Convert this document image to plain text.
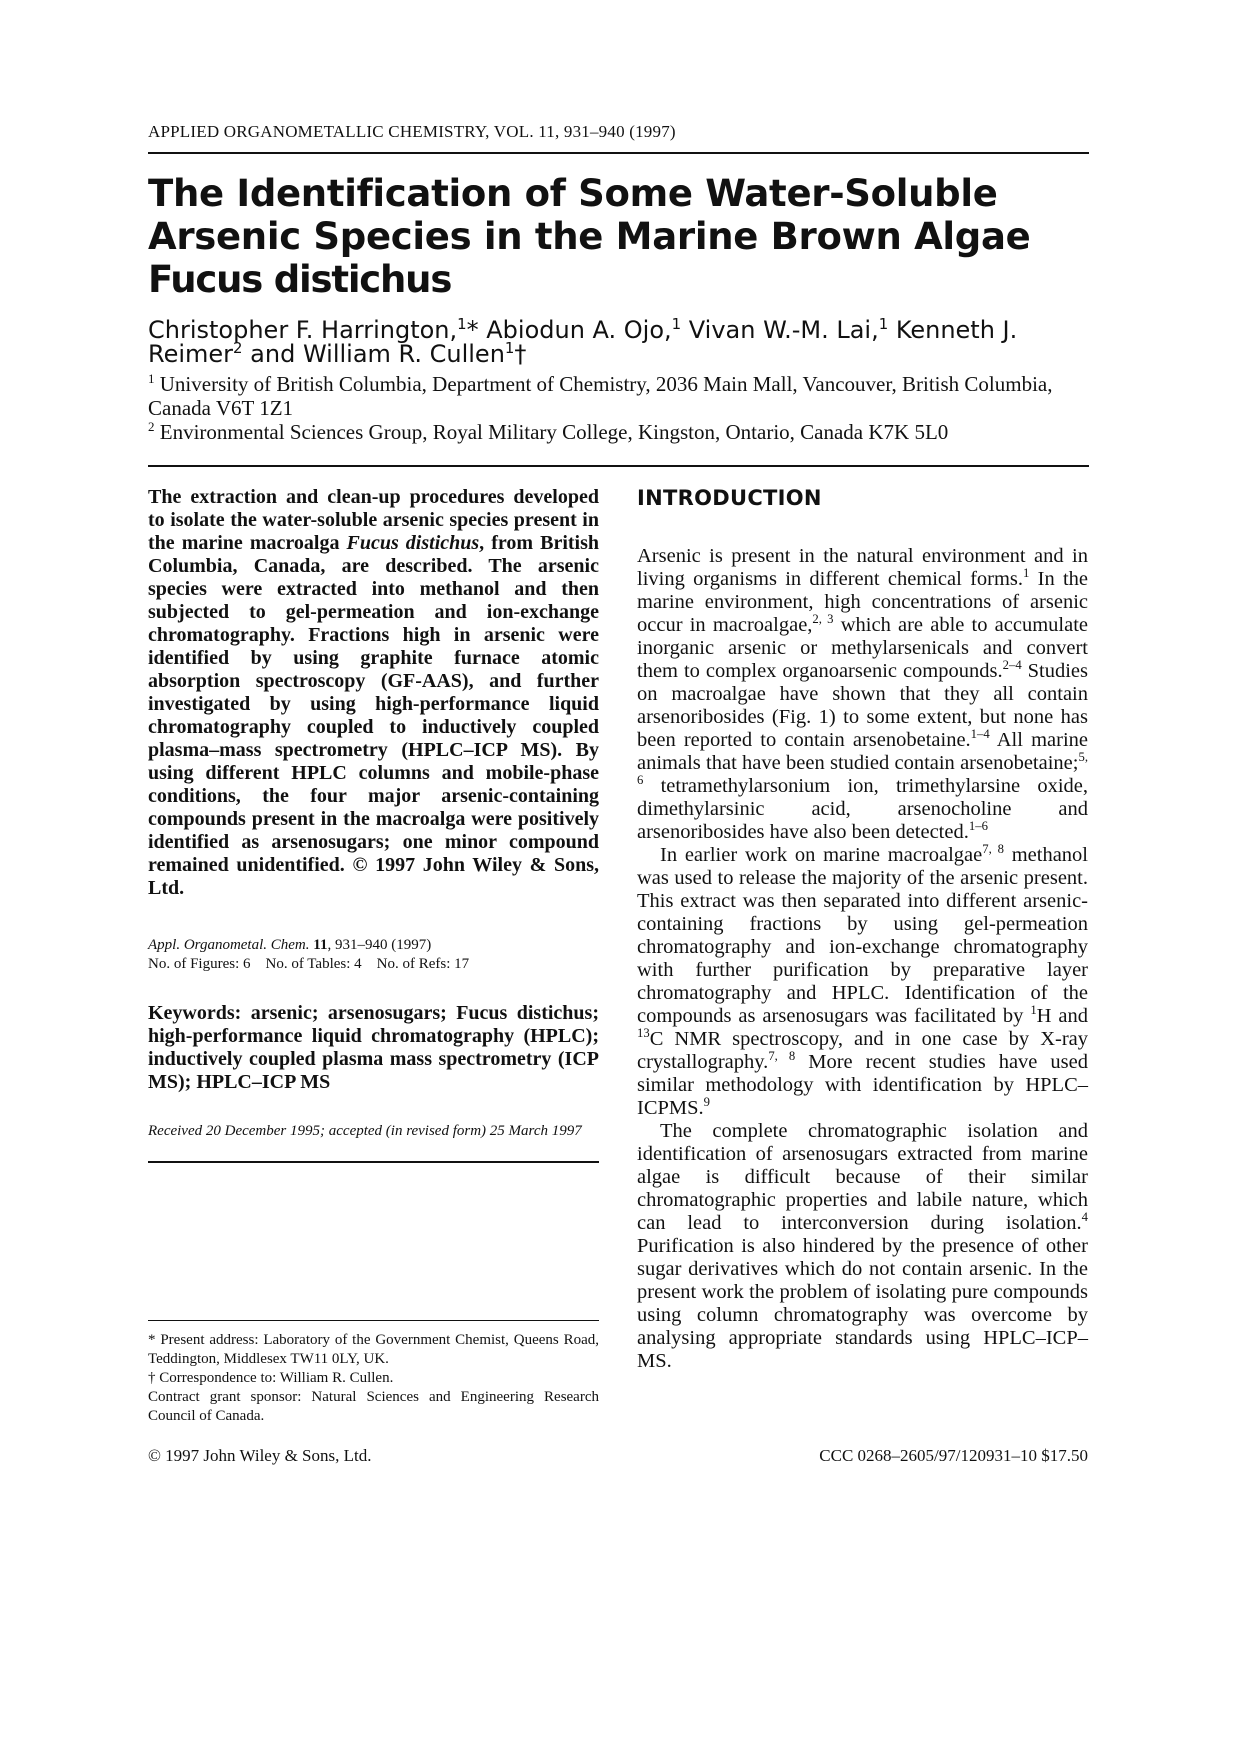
APPLIED ORGANOMETALLIC CHEMISTRY, VOL. 11, 931–940 (1997)
The Identification of Some Water-Soluble
Arsenic Species in the Marine Brown Algae
Fucus distichus
Christopher F. Harrington,$^1$* Abiodun A. Ojo,$^1$ Vivan W.-M. Lai,$^1$ Kenneth J. Reimer$^2$ and William R. Cullen$^1$†
$^1$ University of British Columbia, Department of Chemistry, 2036 Main Mall, Vancouver, British Columbia, Canada V6T 1Z1
$^2$ Environmental Sciences Group, Royal Military College, Kingston, Ontario, Canada K7K 5L0

The extraction and clean-up procedures developed to isolate the water-soluble arsenic species present in the marine macroalga Fucus distichus, from British Columbia, Canada, are described. The arsenic species were extracted into methanol and then subjected to gel-permeation and ion-exchange chromatography. Fractions high in arsenic were identified by using graphite furnace atomic absorption spectroscopy (GF-AAS), and further investigated by using high-performance liquid chromatography coupled to inductively coupled plasma–mass spectrometry (HPLC–ICP MS). By using different HPLC columns and mobile-phase conditions, the four major arsenic-containing compounds present in the macroalga were positively identified as arsenosugars; one minor compound remained unidentified. © 1997 John Wiley & Sons, Ltd.

Appl. Organometal. Chem. 11, 931–940 (1997)
No. of Figures: 6    No. of Tables: 4    No. of Refs: 17

Keywords: arsenic; arsenosugars; Fucus distichus; high-performance liquid chromatography (HPLC); inductively coupled plasma mass spectrometry (ICP MS); HPLC–ICP MS

Received 20 December 1995; accepted (in revised form) 25 March 1997

* Present address: Laboratory of the Government Chemist, Queens Road, Teddington, Middlesex TW11 0LY, UK.

† Correspondence to: William R. Cullen.

Contract grant sponsor: Natural Sciences and Engineering Research Council of Canada.

INTRODUCTION

Arsenic is present in the natural environment and in living organisms in different chemical forms.$^1$ In the marine environment, high concentrations of arsenic occur in macroalgae,$^{2, 3}$ which are able to accumulate inorganic arsenic or methylarsenicals and convert them to complex organoarsenic compounds.$^{2-4}$ Studies on macroalgae have shown that they all contain arsenoribosides (Fig. 1) to some extent, but none has been reported to contain arsenobetaine.$^{1-4}$ All marine animals that have been studied contain arsenobetaine;$^{5, 6}$ tetramethylarsonium ion, trimethylarsine oxide, dimethylarsinic acid, arsenocholine and arsenoribosides have also been detected.$^{1-6}$

In earlier work on marine macroalgae$^{7, 8}$ methanol was used to release the majority of the arsenic present. This extract was then separated into different arsenic-containing fractions by using gel-permeation chromatography and ion-exchange chromatography with further purification by preparative layer chromatography and HPLC. Identification of the compounds as arsenosugars was facilitated by $^1$H and $^{13}$C NMR spectroscopy, and in one case by X-ray crystallography.$^{7, 8}$ More recent studies have used similar methodology with identification by HPLC–ICPMS.$^9$

The complete chromatographic isolation and identification of arsenosugars extracted from marine algae is difficult because of their similar chromatographic properties and labile nature, which can lead to interconversion during isolation.$^4$ Purification is also hindered by the presence of other sugar derivatives which do not contain arsenic. In the present work the problem of isolating pure compounds using column chromatography was overcome by analysing appropriate standards using HPLC–ICP–MS.

© 1997 John Wiley & Sons, Ltd.	CCC 0268–2605/97/120931–10 $17.50
